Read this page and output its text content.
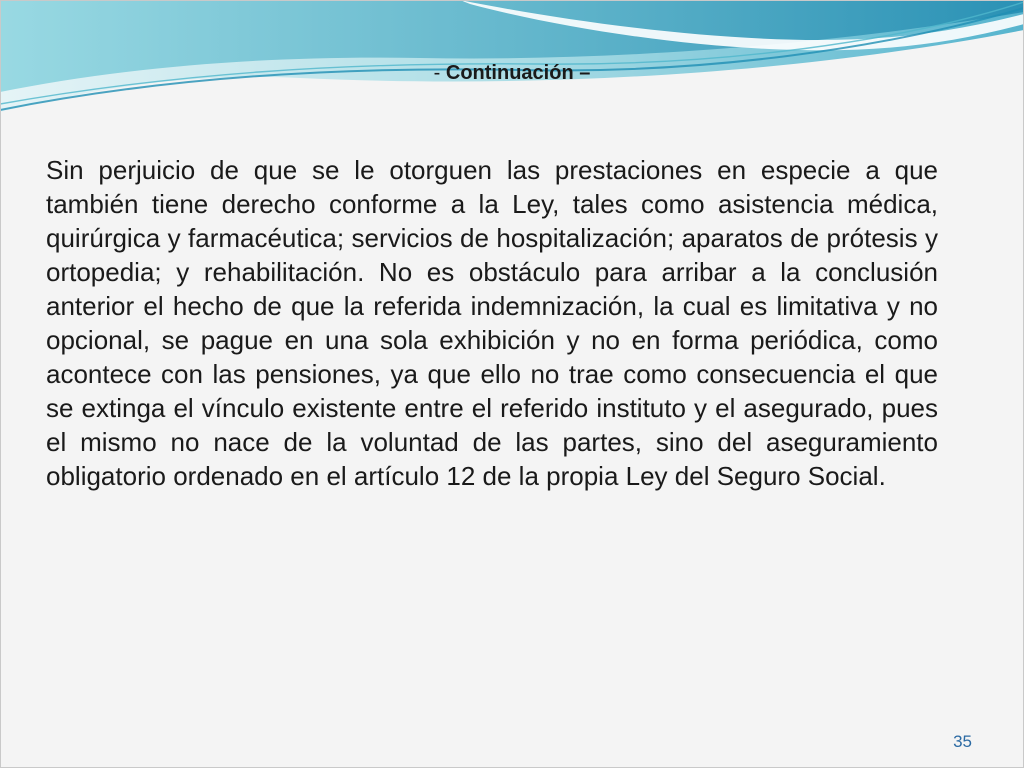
- Continuación –

Sin perjuicio de que se le otorguen las prestaciones en especie a que también tiene derecho conforme a la Ley, tales como asistencia médica, quirúrgica y farmacéutica; servicios de hospitalización; aparatos de prótesis y ortopedia; y rehabilitación. No es obstáculo para arribar a la conclusión anterior el hecho de que la referida indemnización, la cual es limitativa y no opcional, se pague en una sola exhibición y no en forma periódica, como acontece con las pensiones, ya que ello no trae como consecuencia el que se extinga el vínculo existente entre el referido instituto y el asegurado, pues el mismo no nace de la voluntad de las partes, sino del aseguramiento obligatorio ordenado en el artículo 12 de la propia Ley del Seguro Social.

35
